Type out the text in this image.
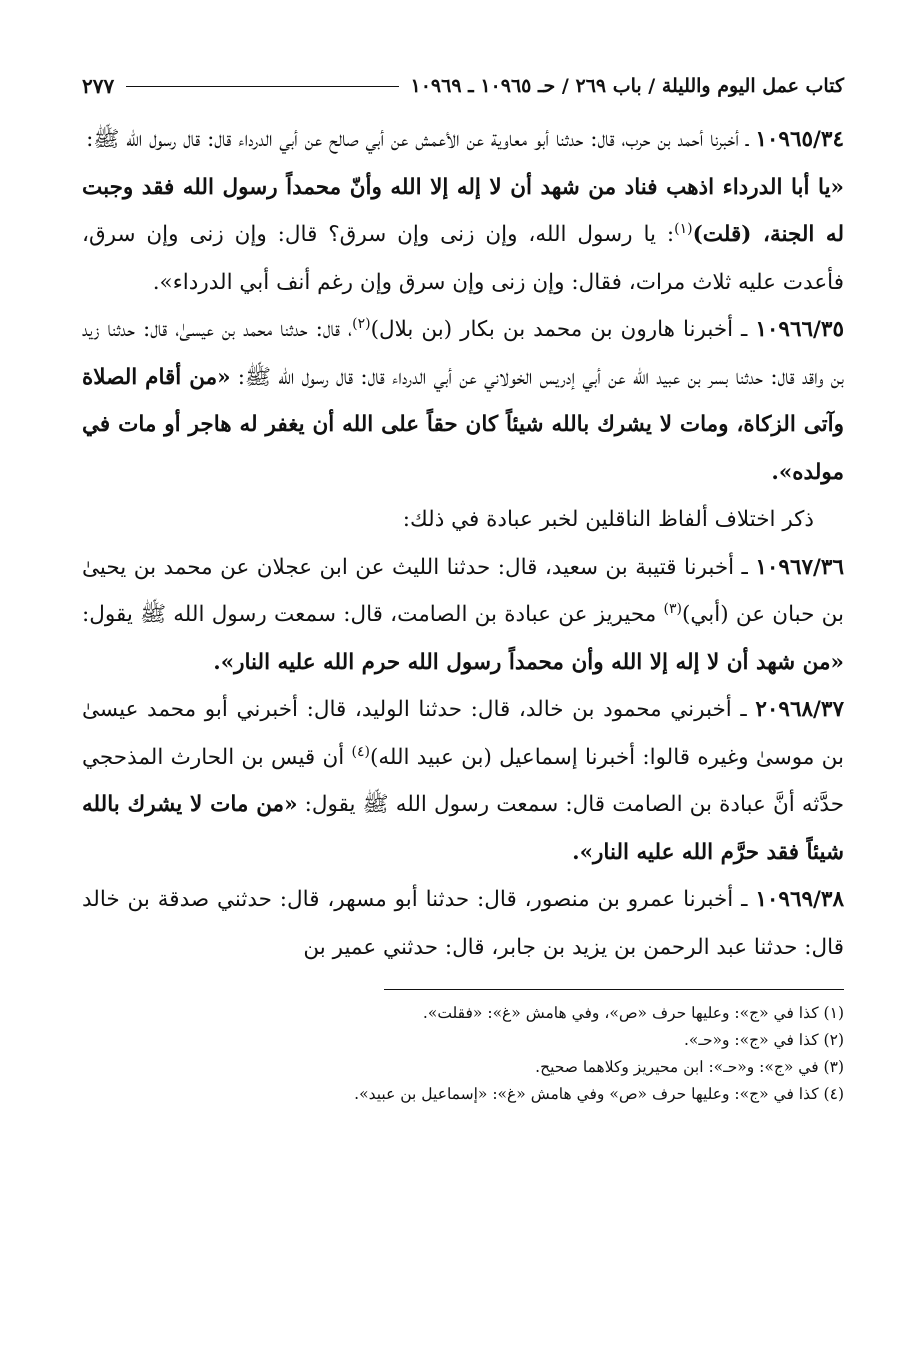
كتاب عمل اليوم والليلة / باب ٢٦٩ / حـ ١٠٩٦٥ ـ ١٠٩٦٩
٢٧٧

١٠٩٦٥/٣٤ ـ أخبرنا أحمد بن حرب، قال: حدثنا أبو معاوية عن الأعمش عن أبي صالح عن أبي الدرداء قال: قال رسول الله ﷺ:

«يا أبا الدرداء اذهب فناد من شهد أن لا إله إلا الله وأنّ محمداً رسول الله فقد وجبت له الجنة، (قلت)$^{(١)}$: يا رسول الله، وإن زنى وإن سرق؟ قال: وإن زنى وإن سرق، فأعدت عليه ثلاث مرات، فقال: وإن زنى وإن سرق وإن رغم أنف أبي الدرداء».

١٠٩٦٦/٣٥ ـ أخبرنا هارون بن محمد بن بكار (بن بلال)$^{(٢)}$، قال: حدثنا محمد بن عيسىٰ، قال: حدثنا زيد بن واقد قال: حدثنا بسر بن عبيد الله عن أبي إدريس الخولاني عن أبي الدرداء قال: قال رسول الله ﷺ: «من أقام الصلاة وآتى الزكاة، ومات لا يشرك بالله شيئاً كان حقاً على الله أن يغفر له هاجر أو مات في مولده».

ذكر اختلاف ألفاظ الناقلين لخبر عبادة في ذلك:

١٠٩٦٧/٣٦ ـ أخبرنا قتيبة بن سعيد، قال: حدثنا الليث عن ابن عجلان عن محمد بن يحيىٰ بن حبان عن (أبي)$^{(٣)}$ محيريز عن عبادة بن الصامت، قال: سمعت رسول الله ﷺ يقول: «من شهد أن لا إله إلا الله وأن محمداً رسول الله حرم الله عليه النار».

٢٠٩٦٨/٣٧ ـ أخبرني محمود بن خالد، قال: حدثنا الوليد، قال: أخبرني أبو محمد عيسىٰ بن موسىٰ وغيره قالوا: أخبرنا إسماعيل (بن عبيد الله)$^{(٤)}$ أن قيس بن الحارث المذحجي حدَّثه أنَّ عبادة بن الصامت قال: سمعت رسول الله ﷺ يقول: «من مات لا يشرك بالله شيئاً فقد حرَّم الله عليه النار».

١٠٩٦٩/٣٨ ـ أخبرنا عمرو بن منصور، قال: حدثنا أبو مسهر، قال: حدثني صدقة بن خالد قال: حدثنا عبد الرحمن بن يزيد بن جابر، قال: حدثني عمير بن

(١) كذا في «ج»: وعليها حرف «ص»، وفي هامش «غ»: «فقلت».

(٢) كذا في «ج»: و«حـ».

(٣) في «ج»: و«حـ»: ابن محيريز وكلاهما صحيح.

(٤) كذا في «ج»: وعليها حرف «ص» وفي هامش «غ»: «إسماعيل بن عبيد».
